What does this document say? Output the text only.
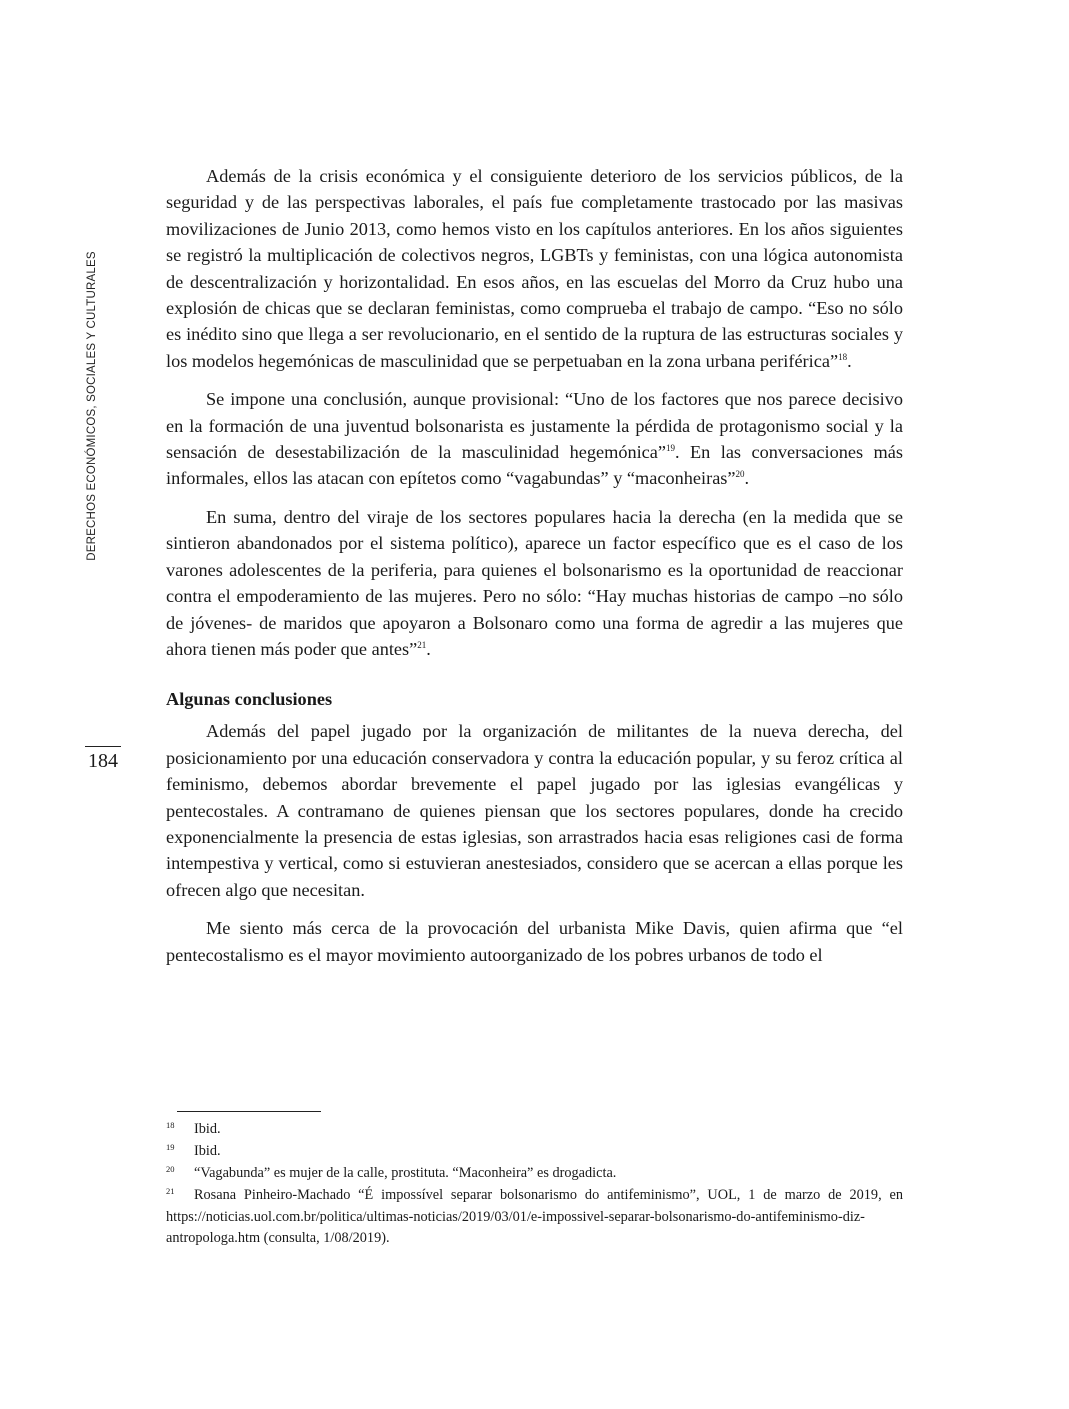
DERECHOS ECONÓMICOS, SOCIALES Y CULTURALES
184

Además de la crisis económica y el consiguiente deterioro de los servicios públicos, de la seguridad y de las perspectivas laborales, el país fue completamente trastocado por las masivas movilizaciones de Junio 2013, como hemos visto en los capítulos anteriores. En los años siguientes se registró la multiplicación de colectivos negros, LGBTs y feministas, con una lógica autonomista de descentralización y horizontalidad. En esos años, en las escuelas del Morro da Cruz hubo una explosión de chicas que se declaran feministas, como comprueba el trabajo de campo. “Eso no sólo es inédito sino que llega a ser revolucionario, en el sentido de la ruptura de las estructuras sociales y los modelos hegemónicas de masculinidad que se perpetuaban en la zona urbana periférica”$^{18}$.

Se impone una conclusión, aunque provisional: “Uno de los factores que nos parece decisivo en la formación de una juventud bolsonarista es justamente la pérdida de protagonismo social y la sensación de desestabilización de la masculinidad hegemónica”$^{19}$. En las conversaciones más informales, ellos las atacan con epítetos como “vagabundas” y “maconheiras”$^{20}$.

En suma, dentro del viraje de los sectores populares hacia la derecha (en la medida que se sintieron abandonados por el sistema político), aparece un factor específico que es el caso de los varones adolescentes de la periferia, para quienes el bolsonarismo es la oportunidad de reaccionar contra el empoderamiento de las mujeres. Pero no sólo: “Hay muchas historias de campo –no sólo de jóvenes- de maridos que apoyaron a Bolsonaro como una forma de agredir a las mujeres que ahora tienen más poder que antes”$^{21}$.

Algunas conclusiones

Además del papel jugado por la organización de militantes de la nueva derecha, del posicionamiento por una educación conservadora y contra la educación popular, y su feroz crítica al feminismo, debemos abordar brevemente el papel jugado por las iglesias evangélicas y pentecostales. A contramano de quienes piensan que los sectores populares, donde ha crecido exponencialmente la presencia de estas iglesias, son arrastrados hacia esas religiones casi de forma intempestiva y vertical, como si estuvieran anestesiados, considero que se acercan a ellas porque les ofrecen algo que necesitan.

Me siento más cerca de la provocación del urbanista Mike Davis, quien afirma que “el pentecostalismo es el mayor movimiento autoorganizado de los pobres urbanos de todo el

18	Ibid.
19	Ibid.
20	“Vagabunda” es mujer de la calle, prostituta. “Maconheira” es drogadicta.
21 Rosana Pinheiro-Machado “É impossível separar bolsonarismo do antifeminismo”, UOL, 1 de marzo de 2019, en https://noticias.uol.com.br/politica/ultimas-noticias/2019/03/01/e-impossivel-separar-bolsonarismo-do-antifeminismo-diz-antropologa.htm (consulta, 1/08/2019).
